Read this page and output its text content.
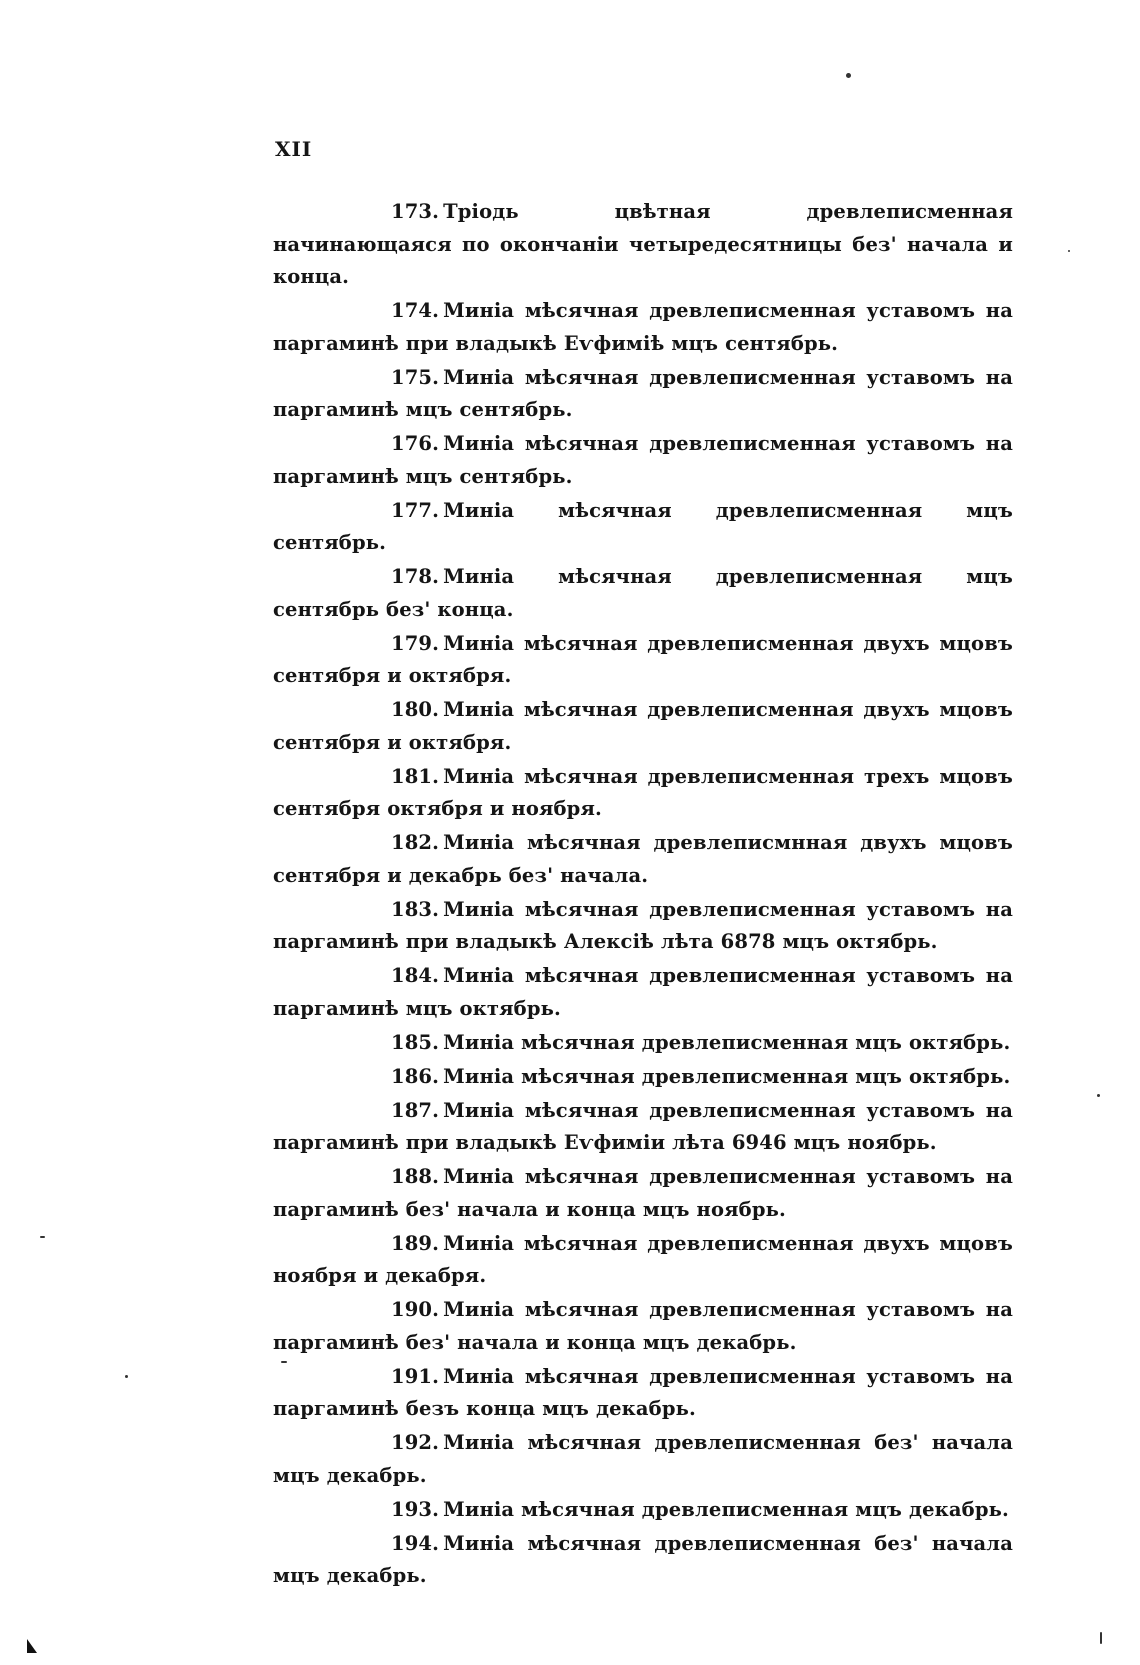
XII

173. Тріодь цвѣтная древлеписменная начинающаяся по окончаніи четыредесятницы без' начала и конца.

174. Миніа мѣсячная древлеписменная уставомъ на паргаминѣ при владыкѣ Еѵфиміѣ мцъ сентябрь.

175. Миніа мѣсячная древлеписменная уставомъ на паргаминѣ мцъ сентябрь.

176. Миніа мѣсячная древлеписменная уставомъ на паргаминѣ мцъ сентябрь.

177. Миніа мѣсячная древлеписменная мцъ сентябрь.

178. Миніа мѣсячная древлеписменная мцъ сентябрь без' конца.

179. Миніа мѣсячная древлеписменная двухъ мцовъ сентября и октября.

180. Миніа мѣсячная древлеписменная двухъ мцовъ сентября и октября.

181. Миніа мѣсячная древлеписменная трехъ мцовъ сентября октября и ноября.

182. Миніа мѣсячная древлеписмнная двухъ мцовъ сентября и декабрь без' начала.

183. Миніа мѣсячная древлеписменная уставомъ на паргаминѣ при владыкѣ Алексіѣ лѣта 6878 мцъ октябрь.

184. Миніа мѣсячная древлеписменная уставомъ на паргаминѣ мцъ октябрь.

185. Миніа мѣсячная древлеписменная мцъ октябрь.

186. Миніа мѣсячная древлеписменная мцъ октябрь.

187. Миніа мѣсячная древлеписменная уставомъ на паргаминѣ при владыкѣ Еѵфиміи лѣта 6946 мцъ ноябрь.

188. Миніа мѣсячная древлеписменная уставомъ на паргаминѣ без' начала и конца мцъ ноябрь.

189. Миніа мѣсячная древлеписменная двухъ мцовъ ноября и декабря.

190. Миніа мѣсячная древлеписменная уставомъ на паргаминѣ без' начала и конца мцъ декабрь.

191. Миніа мѣсячная древлеписменная уставомъ на паргаминѣ безъ конца мцъ декабрь.

192. Миніа мѣсячная древлеписменная без' начала мцъ декабрь.

193. Миніа мѣсячная древлеписменная мцъ декабрь.

194. Миніа мѣсячная древлеписменная без' начала мцъ декабрь.
